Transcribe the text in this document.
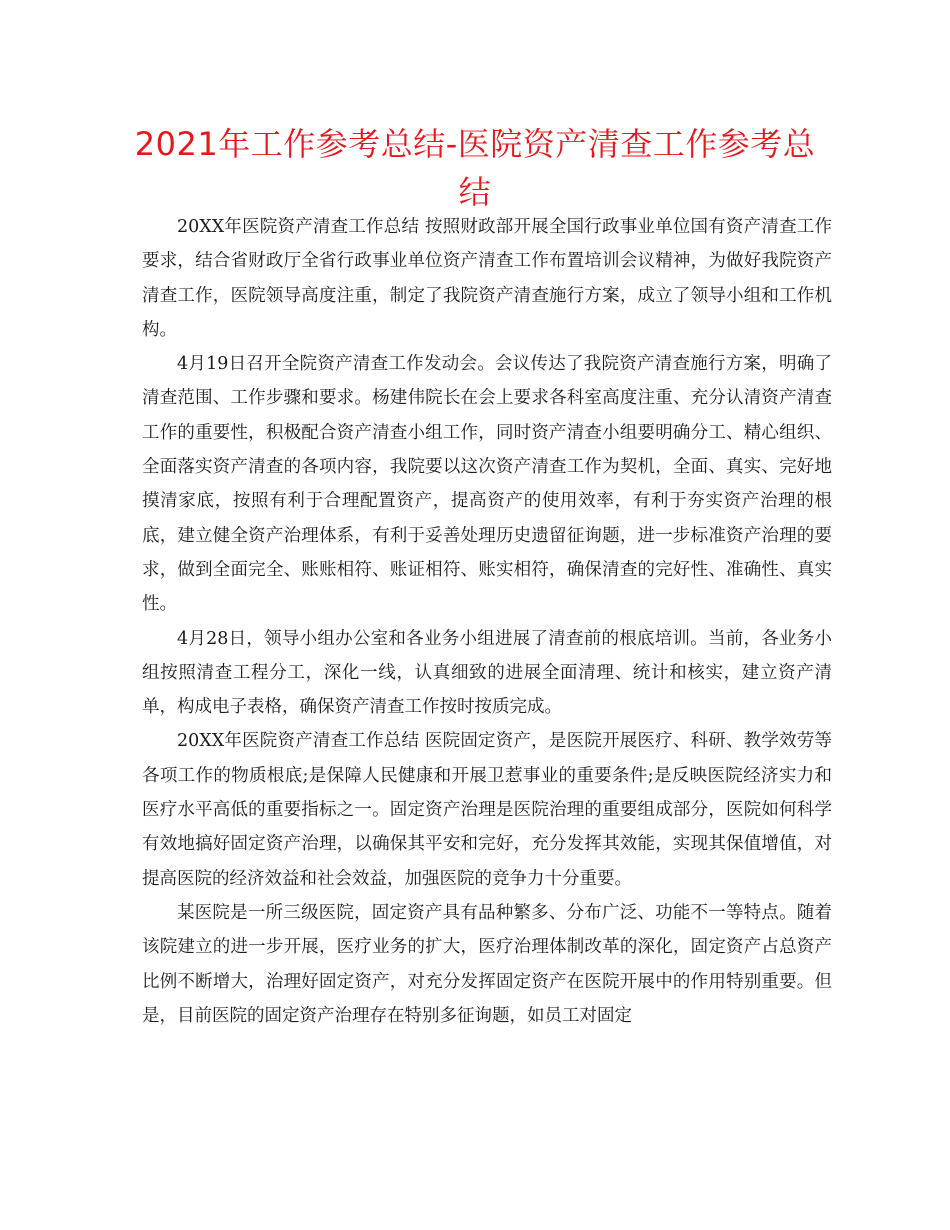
2021年工作参考总结-医院资产清查工作参考总结

20XX年医院资产清查工作总结 按照财政部开展全国行政事业单位国有资产清查工作要求，结合省财政厅全省行政事业单位资产清查工作布置培训会议精神，为做好我院资产清查工作，医院领导高度注重，制定了我院资产清查施行方案，成立了领导小组和工作机构。

4月19日召开全院资产清查工作发动会。会议传达了我院资产清查施行方案，明确了清查范围、工作步骤和要求。杨建伟院长在会上要求各科室高度注重、充分认清资产清查工作的重要性，积极配合资产清查小组工作，同时资产清查小组要明确分工、精心组织、全面落实资产清查的各项内容，我院要以这次资产清查工作为契机，全面、真实、完好地摸清家底，按照有利于合理配置资产，提高资产的使用效率，有利于夯实资产治理的根底，建立健全资产治理体系，有利于妥善处理历史遗留征询题，进一步标准资产治理的要求，做到全面完全、账账相符、账证相符、账实相符，确保清查的完好性、准确性、真实性。

4月28日，领导小组办公室和各业务小组进展了清查前的根底培训。当前，各业务小组按照清查工程分工，深化一线，认真细致的进展全面清理、统计和核实，建立资产清单，构成电子表格，确保资产清查工作按时按质完成。

20XX年医院资产清查工作总结 医院固定资产，是医院开展医疗、科研、教学效劳等各项工作的物质根底;是保障人民健康和开展卫惹事业的重要条件;是反映医院经济实力和医疗水平高低的重要指标之一。固定资产治理是医院治理的重要组成部分，医院如何科学有效地搞好固定资产治理，以确保其平安和完好，充分发挥其效能，实现其保值增值，对提高医院的经济效益和社会效益，加强医院的竞争力十分重要。

某医院是一所三级医院，固定资产具有品种繁多、分布广泛、功能不一等特点。随着该院建立的进一步开展，医疗业务的扩大，医疗治理体制改革的深化，固定资产占总资产比例不断增大，治理好固定资产，对充分发挥固定资产在医院开展中的作用特别重要。但是，目前医院的固定资产治理存在特别多征询题，如员工对固定
